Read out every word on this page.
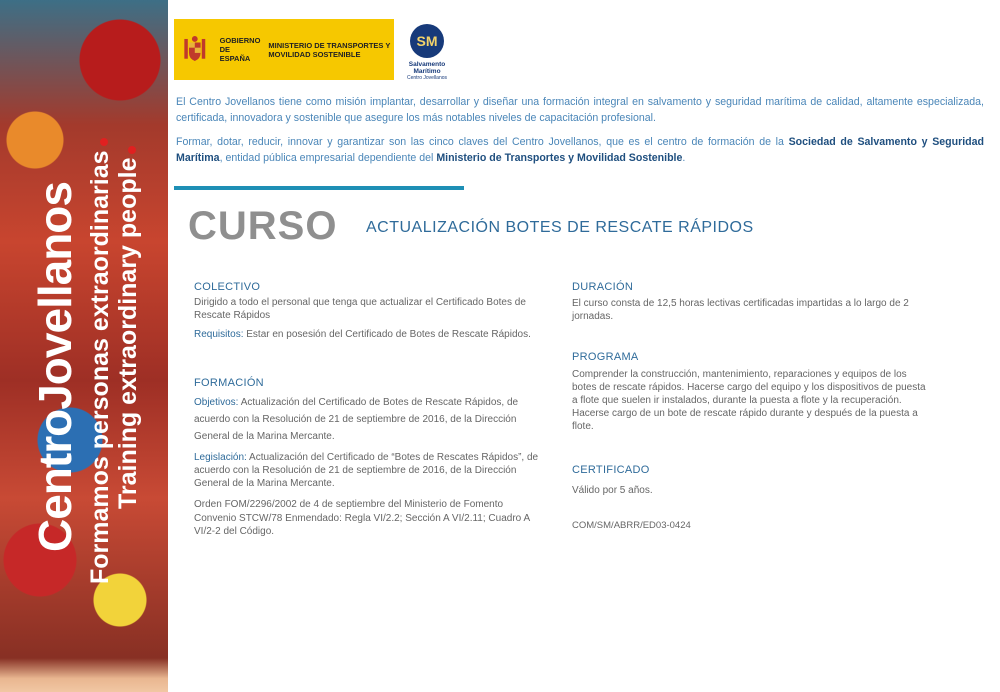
CentroJovellanos Formamos personas extraordinarias Training extraordinary people
GOBIERNO DE ESPAÑA
MINISTERIO DE TRANSPORTES Y MOVILIDAD SOSTENIBLE
SM
Salvamento Marítimo
Centro Jovellanos
El Centro Jovellanos tiene como misión implantar, desarrollar y diseñar una formación integral en salvamento y seguridad marítima de calidad, altamente especializada, certificada, innovadora y sostenible que asegure los más notables niveles de capacitación profesional.
Formar, dotar, reducir, innovar y garantizar son las cinco claves del Centro Jovellanos, que es el centro de formación de la Sociedad de Salvamento y Seguridad Marítima, entidad pública empresarial dependiente del Ministerio de Transportes y Movilidad Sostenible.
CURSO ACTUALIZACIÓN BOTES DE RESCATE RÁPIDOS
COLECTIVO
Dirigido a todo el personal que tenga que actualizar el Certificado Botes de Rescate Rápidos
Requisitos: Estar en posesión del Certificado de Botes de Rescate Rápidos.
FORMACIÓN
Objetivos: Actualización del Certificado de Botes de Rescate Rápidos, de acuerdo con la Resolución de 21 de septiembre de 2016, de la Dirección General de la Marina Mercante.
Legislación: Actualización del Certificado de “Botes de Rescates Rápidos”, de acuerdo con la Resolución de 21 de septiembre de 2016, de la Dirección General de la Marina Mercante.
Orden FOM/2296/2002 de 4 de septiembre del Ministerio de Fomento
Convenio STCW/78 Enmendado: Regla VI/2.2; Sección A VI/2.11; Cuadro A VI/2-2 del Código.
DURACIÓN
El curso consta de 12,5 horas lectivas certificadas impartidas a lo largo de 2 jornadas.
PROGRAMA
Comprender la construcción, mantenimiento, reparaciones y equipos de los botes de rescate rápidos. Hacerse cargo del equipo y los dispositivos de puesta a flote que suelen ir instalados, durante la puesta a flote y la recuperación. Hacerse cargo de un bote de rescate rápido durante y después de la puesta a flote.
CERTIFICADO
Válido por 5 años.
COM/SM/ABRR/ED03-0424
